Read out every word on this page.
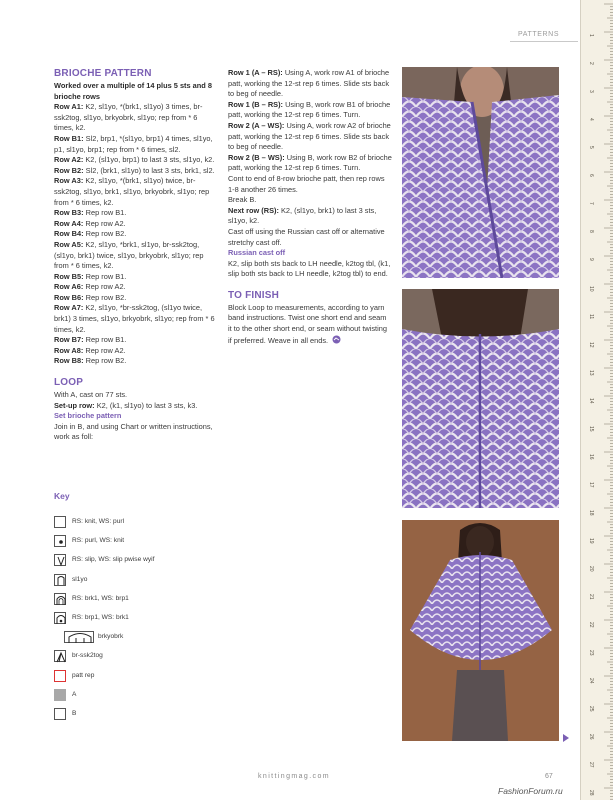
PATTERNS	1
2
3
4
5
6
7
8
9
10
11
12
13
14
15
16
17
18
19
20
21
22
23
24
25
26
27
28
BRIOCHE PATTERN
Worked over a multiple of 14 plus 5 sts and 8 brioche rows
Row A1: K2, sl1yo, *(brk1, sl1yo) 3 times, br-ssk2tog, sl1yo, brkyobrk, sl1yo; rep from * 6 times, k2.
Row B1: Sl2, brp1, *(sl1yo, brp1) 4 times, sl1yo, p1, sl1yo, brp1; rep from * 6 times, sl2.
Row A2: K2, (sl1yo, brp1) to last 3 sts, sl1yo, k2.
Row B2: Sl2, (brk1, sl1yo) to last 3 sts, brk1, sl2.
Row A3: K2, sl1yo, *(brk1, sl1yo) twice, br-ssk2tog, sl1yo, brk1, sl1yo, brkyobrk, sl1yo; rep from * 6 times, k2.
Row B3: Rep row B1.
Row A4: Rep row A2.
Row B4: Rep row B2.
Row A5: K2, sl1yo, *brk1, sl1yo, br-ssk2tog, (sl1yo, brk1) twice, sl1yo, brkyobrk, sl1yo; rep from * 6 times, k2.
Row B5: Rep row B1.
Row A6: Rep row A2.
Row B6: Rep row B2.
Row A7: K2, sl1yo, *br-ssk2tog, (sl1yo twice, brk1) 3 times, sl1yo, brkyobrk, sl1yo; rep from * 6 times, k2.
Row B7: Rep row B1.
Row A8: Rep row A2.
Row B8: Rep row B2.
LOOP
With A, cast on 77 sts.
Set-up row: K2, (k1, sl1yo) to last 3 sts, k3.
Set brioche pattern
Join in B, and using Chart or written instructions, work as foll:
Row 1 (A – RS): Using A, work row A1 of brioche patt, working the 12-st rep 6 times. Slide sts back to beg of needle.
Row 1 (B – RS): Using B, work row B1 of brioche patt, working the 12-st rep 6 times. Turn.
Row 2 (A – WS): Using A, work row A2 of brioche patt, working the 12-st rep 6 times. Slide sts back to beg of needle.
Row 2 (B – WS): Using B, work row B2 of brioche patt, working the 12-st rep 6 times. Turn.
Cont to end of 8-row brioche patt, then rep rows 1-8 another 26 times.
Break B.
Next row (RS): K2, (sl1yo, brk1) to last 3 sts, sl1yo, k2.
Cast off using the Russian cast off or alternative stretchy cast off.
Russian cast off
K2, slip both sts back to LH needle, k2tog tbl, (k1, slip both sts back to LH needle, k2tog tbl) to end.
TO FINISH
Block Loop to measurements, according to yarn band instructions. Twist one short end and seam it to the other short end, or seam without twisting if preferred. Weave in all ends.
Key
RS: knit, WS: purl
RS: purl, WS: knit
RS: slip, WS: slip pwise wyif
sl1yo
RS: brk1, WS: brp1
RS: brp1, WS: brk1
brkyobrk
br-ssk2tog
patt rep
A
B
knittingmag.com	67
FashionForum.ru
